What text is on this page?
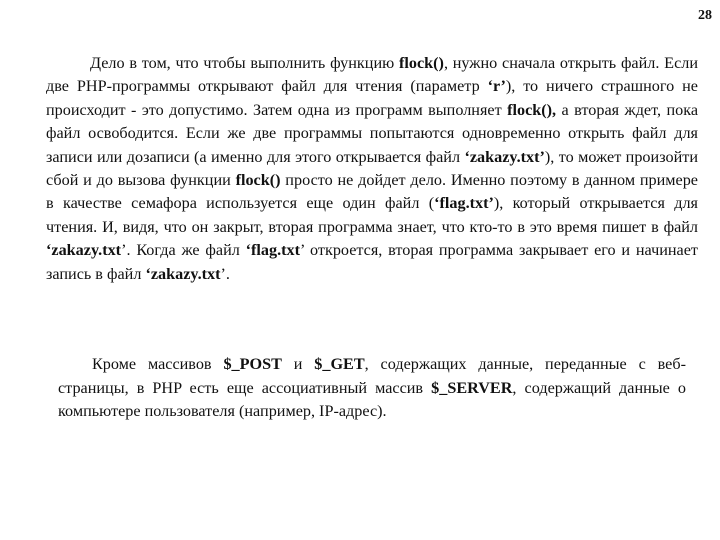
28

Дело в том, что чтобы выполнить функцию flock(), нужно сначала открыть файл. Если две PHP-программы открывают файл для чтения (параметр ‘r’), то ничего страшного не происходит - это допустимо. Затем одна из программ выполняет flock(), а вторая ждет, пока файл освободится. Если же две программы попытаются одновременно открыть файл для записи или дозаписи (а именно для этого открывается файл ‘zakazy.txt’), то может произойти сбой и до вызова функции flock() просто не дойдет дело. Именно поэтому в данном примере в качестве семафора используется еще один файл (‘flag.txt’), который открывается для чтения. И, видя, что он закрыт, вторая программа знает, что кто-то в это время пишет в файл ‘zakazy.txt’. Когда же файл ‘flag.txt’ откроется, вторая программа закрывает его и начинает запись в файл ‘zakazy.txt’.

Кроме массивов $_POST и $_GET, содержащих данные, переданные с веб-страницы, в PHP есть еще ассоциативный массив $_SERVER, содержащий данные о компьютере пользователя (например, IP-адрес).
